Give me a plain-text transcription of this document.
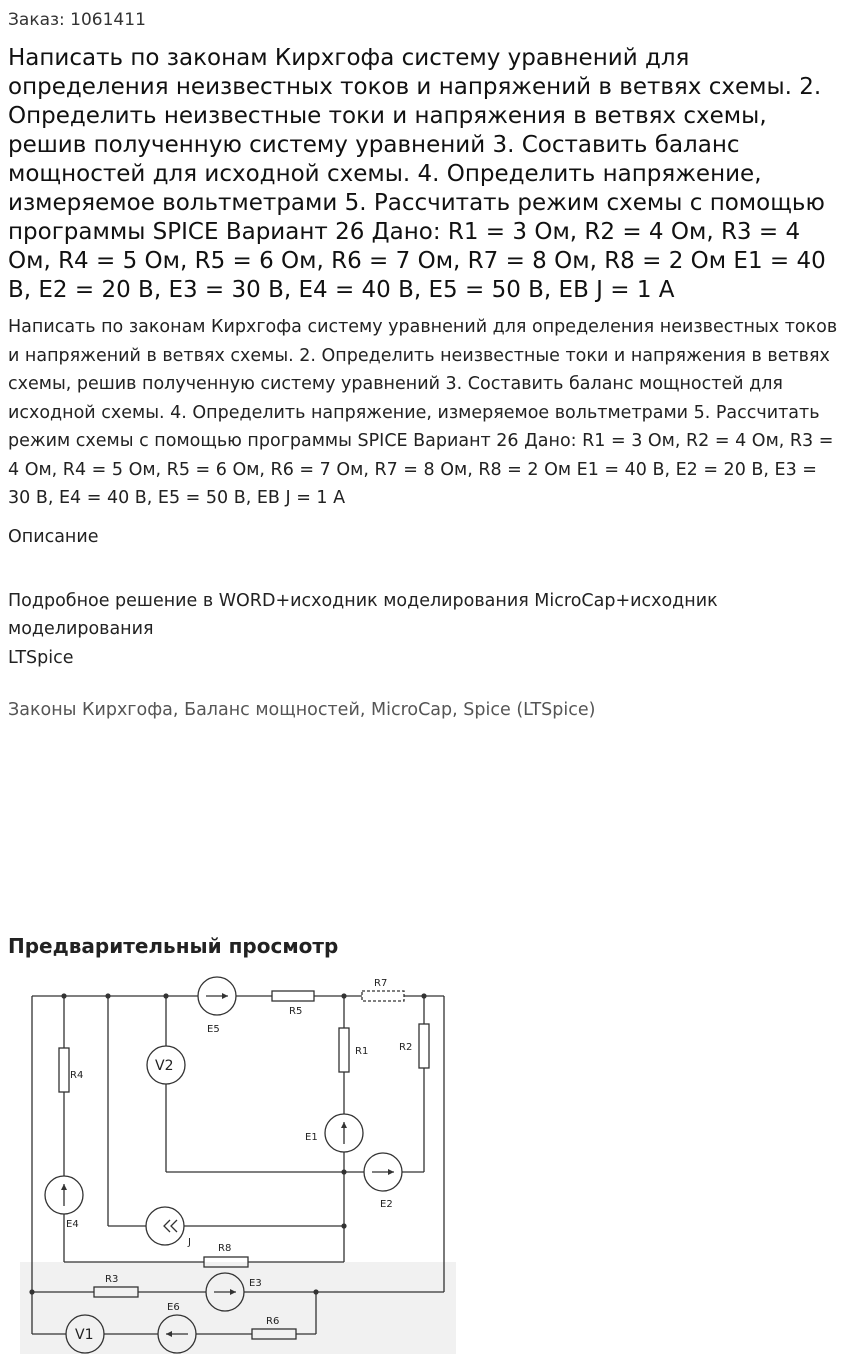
Заказ: 1061411

Написать по законам Кирхгофа систему уравнений для определения неизвестных токов и напряжений в ветвях схемы. 2. Определить неизвестные токи и напряжения в ветвях схемы, решив полученную систему уравнений 3. Составить баланс мощностей для исходной схемы. 4. Определить напряжение, измеряемое вольтметрами 5. Рассчитать режим схемы с помощью программы SPICE Вариант 26 Дано: R1 = 3 Ом, R2 = 4 Ом, R3 = 4 Ом, R4 = 5 Ом, R5 = 6 Ом, R6 = 7 Ом, R7 = 8 Ом, R8 = 2 Ом E1 = 40 В, E2 = 20 В, E3 = 30 В, E4 = 40 В, E5 = 50 В, EB J = 1 А

Написать по законам Кирхгофа систему уравнений для определения неизвестных токов и напряжений в ветвях схемы. 2. Определить неизвестные токи и напряжения в ветвях схемы, решив полученную систему уравнений 3. Составить баланс мощностей для исходной схемы. 4. Определить напряжение, измеряемое вольтметрами 5. Рассчитать режим схемы с помощью программы SPICE Вариант 26 Дано: R1 = 3 Ом, R2 = 4 Ом, R3 = 4 Ом, R4 = 5 Ом, R5 = 6 Ом, R6 = 7 Ом, R7 = 8 Ом, R8 = 2 Ом E1 = 40 В, E2 = 20 В, E3 = 30 В, E4 = 40 В, E5 = 50 В, EB J = 1 А

Описание

Подробное решение в WORD+исходник моделирования MicroCap+исходник моделирования
LTSpice

Законы Кирхгофа, Баланс мощностей, MicroCap, Spice (LTSpice)

Предварительный просмотр
R5
R7
R1	R2
R4
E5
E1
E2
E4
J
R8
R3	E3
E6
R6
V2
V1
